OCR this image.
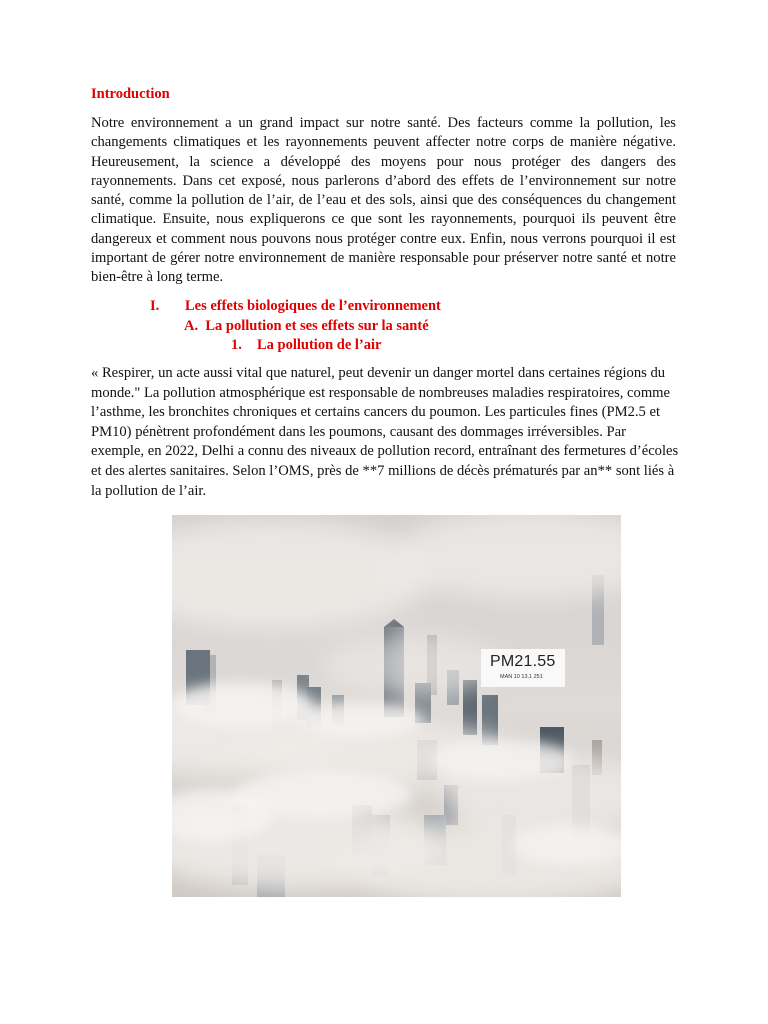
Introduction

Notre environnement a un grand impact sur notre santé. Des facteurs comme la pollution, les changements climatiques et les rayonnements peuvent affecter notre corps de manière négative. Heureusement, la science a développé des moyens pour nous protéger des dangers des rayonnements. Dans cet exposé, nous parlerons d’abord des effets de l’environnement sur notre santé, comme la pollution de l’air, de l’eau et des sols, ainsi que des conséquences du changement climatique. Ensuite, nous expliquerons ce que sont les rayonnements, pourquoi ils peuvent être dangereux et comment nous pouvons nous protéger contre eux. Enfin, nous verrons pourquoi il est important de gérer notre environnement de manière responsable pour préserver notre santé et notre bien-être à long terme.

I. Les effets biologiques de l’environnement
A. La pollution et ses effets sur la santé
1. La pollution de l’air

« Respirer, un acte aussi vital que naturel, peut devenir un danger mortel dans certaines régions du monde." La pollution atmosphérique est responsable de nombreuses maladies respiratoires, comme l’asthme, les bronchites chroniques et certains cancers du poumon. Les particules fines (PM2.5 et PM10) pénètrent profondément dans les poumons, causant des dommages irréversibles. Par exemple, en 2022, Delhi a connu des niveaux de pollution record, entraînant des fermetures d’écoles et des alertes sanitaires. Selon l’OMS, près de **7 millions de décès prématurés par an** sont liés à la pollution de l’air.

PM21.55
MAN 10 13.1 251
